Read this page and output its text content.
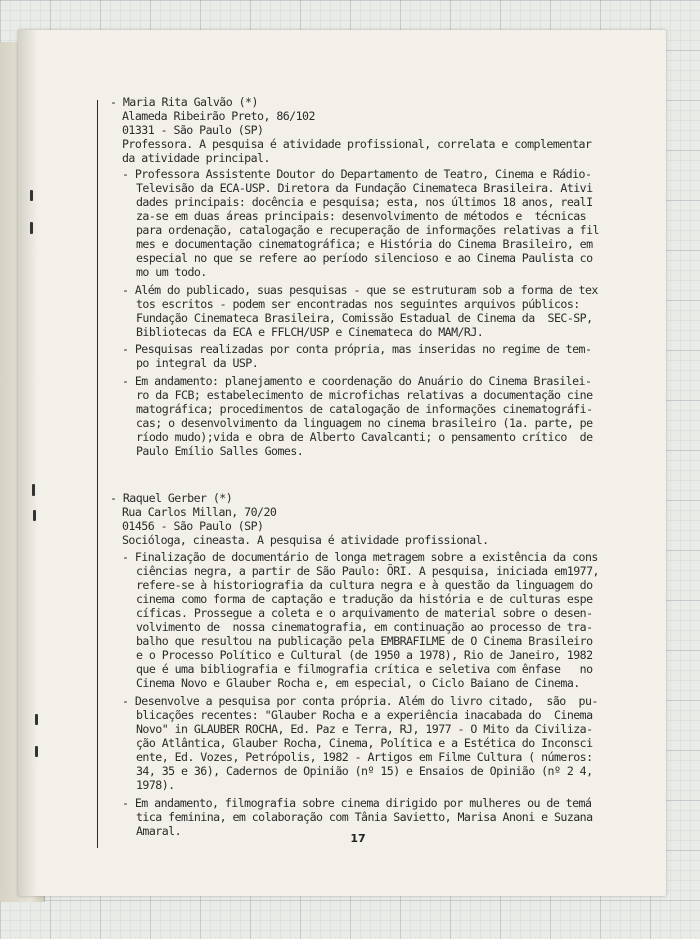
- Maria Rita Galvão (*)
Alameda Ribeirão Preto, 86/102
01331 - São Paulo (SP)
Professora. A pesquisa é atividade profissional, correlata e complementar
da atividade principal.
- Professora Assistente Doutor do Departamento de Teatro, Cinema e Rádio-
Televisão da ECA-USP. Diretora da Fundação Cinemateca Brasileira. Ativi
dades principais: docência e pesquisa; esta, nos últimos 18 anos, realI
za-se em duas áreas principais: desenvolvimento de métodos e  técnicas
para ordenação, catalogação e recuperação de informações relativas a fil
mes e documentação cinematográfica; e História do Cinema Brasileiro, em
especial no que se refere ao período silencioso e ao Cinema Paulista co
mo um todo.
- Além do publicado, suas pesquisas - que se estruturam sob a forma de tex
tos escritos - podem ser encontradas nos seguintes arquivos públicos:
Fundação Cinemateca Brasileira, Comissão Estadual de Cinema da  SEC-SP,
Bibliotecas da ECA e FFLCH/USP e Cinemateca do MAM/RJ.
- Pesquisas realizadas por conta própria, mas inseridas no regime de tem-
po integral da USP.
- Em andamento: planejamento e coordenação do Anuário do Cinema Brasilei-
ro da FCB; estabelecimento de microfichas relativas a documentação cine
matográfica; procedimentos de catalogação de informações cinematográfi-
cas; o desenvolvimento da linguagem no cinema brasileiro (1a. parte, pe
ríodo mudo);vida e obra de Alberto Cavalcanti; o pensamento crítico  de
Paulo Emílio Salles Gomes.
- Raquel Gerber (*)
Rua Carlos Millan, 70/20
01456 - São Paulo (SP)
Socióloga, cineasta. A pesquisa é atividade profissional.
- Finalização de documentário de longa metragem sobre a existência da cons
ciências negra, a partir de São Paulo: ÕRI. A pesquisa, iniciada em1977,
refere-se à historiografia da cultura negra e à questão da linguagem do
cinema como forma de captação e tradução da história e de culturas espe
cíficas. Prossegue a coleta e o arquivamento de material sobre o desen-
volvimento de  nossa cinematografia, em continuação ao processo de tra-
balho que resultou na publicação pela EMBRAFILME de O Cinema Brasileiro
e o Processo Político e Cultural (de 1950 a 1978), Rio de Janeiro, 1982
que é uma bibliografia e filmografia crítica e seletiva com ênfase   no
Cinema Novo e Glauber Rocha e, em especial, o Ciclo Baiano de Cinema.
- Desenvolve a pesquisa por conta própria. Além do livro citado,  são  pu-
blicações recentes: "Glauber Rocha e a experiência inacabada do  Cinema
Novo" in GLAUBER ROCHA, Ed. Paz e Terra, RJ, 1977 - O Mito da Civiliza-
ção Atlântica, Glauber Rocha, Cinema, Política e a Estética do Inconsci
ente, Ed. Vozes, Petrópolis, 1982 - Artigos em Filme Cultura ( números:
34, 35 e 36), Cadernos de Opinião (nº 15) e Ensaios de Opinião (nº 2 4,
1978).
- Em andamento, filmografia sobre cinema dirigido por mulheres ou de temá
tica feminina, em colaboração com Tânia Savietto, Marisa Anoni e Suzana
Amaral.
17
